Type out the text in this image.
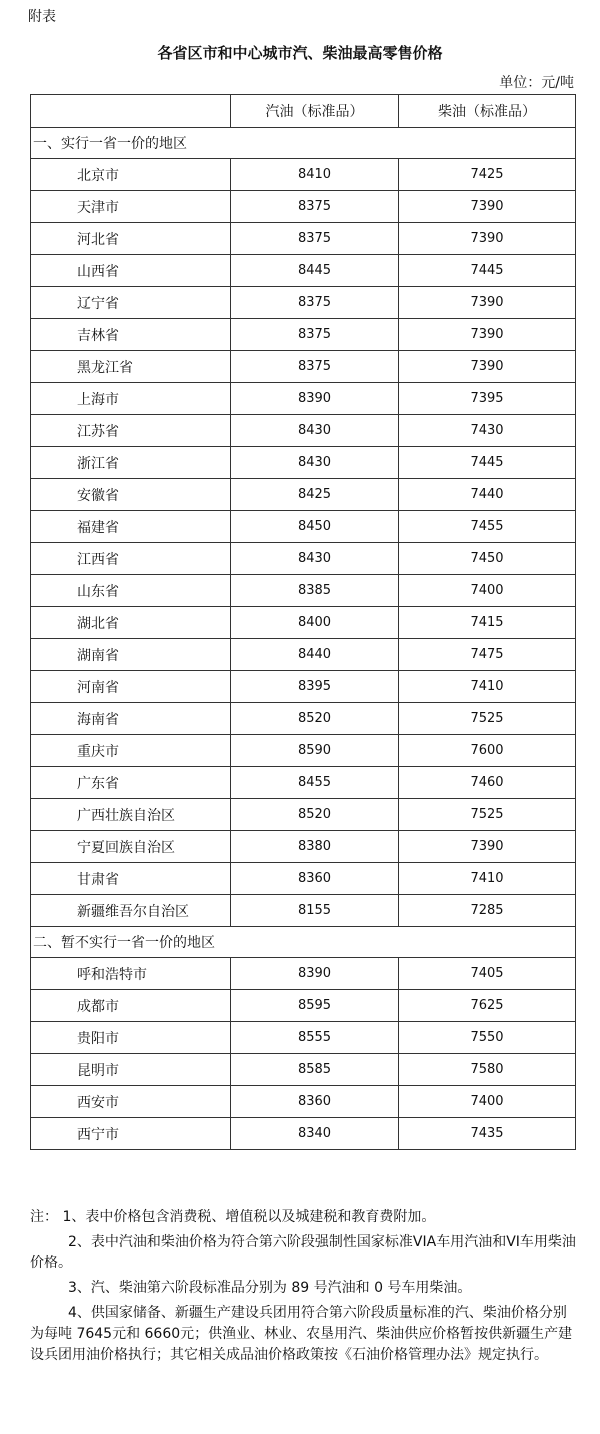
附表
各省区市和中心城市汽、柴油最高零售价格
单位：元/吨
	汽油（标准品）	柴油（标准品）
一、实行一省一价的地区		
北京市	8410	7425
天津市	8375	7390
河北省	8375	7390
山西省	8445	7445
辽宁省	8375	7390
吉林省	8375	7390
黑龙江省	8375	7390
上海市	8390	7395
江苏省	8430	7430
浙江省	8430	7445
安徽省	8425	7440
福建省	8450	7455
江西省	8430	7450
山东省	8385	7400
湖北省	8400	7415
湖南省	8440	7475
河南省	8395	7410
海南省	8520	7525
重庆市	8590	7600
广东省	8455	7460
广西壮族自治区	8520	7525
宁夏回族自治区	8380	7390
甘肃省	8360	7410
新疆维吾尔自治区	8155	7285
二、暂不实行一省一价的地区		
呼和浩特市	8390	7405
成都市	8595	7625
贵阳市	8555	7550
昆明市	8585	7580
西安市	8360	7400
西宁市	8340	7435

注： 1、表中价格包含消费税、增值税以及城建税和教育费附加。

2、表中汽油和柴油价格为符合第六阶段强制性国家标准VIA车用汽油和VI车用柴油价格。

3、汽、柴油第六阶段标准品分别为 89 号汽油和 0 号车用柴油。

4、供国家储备、新疆生产建设兵团用符合第六阶段质量标准的汽、柴油价格分别为每吨 7645元和 6660元；供渔业、林业、农垦用汽、柴油供应价格暂按供新疆生产建设兵团用油价格执行；其它相关成品油价格政策按《石油价格管理办法》规定执行。
